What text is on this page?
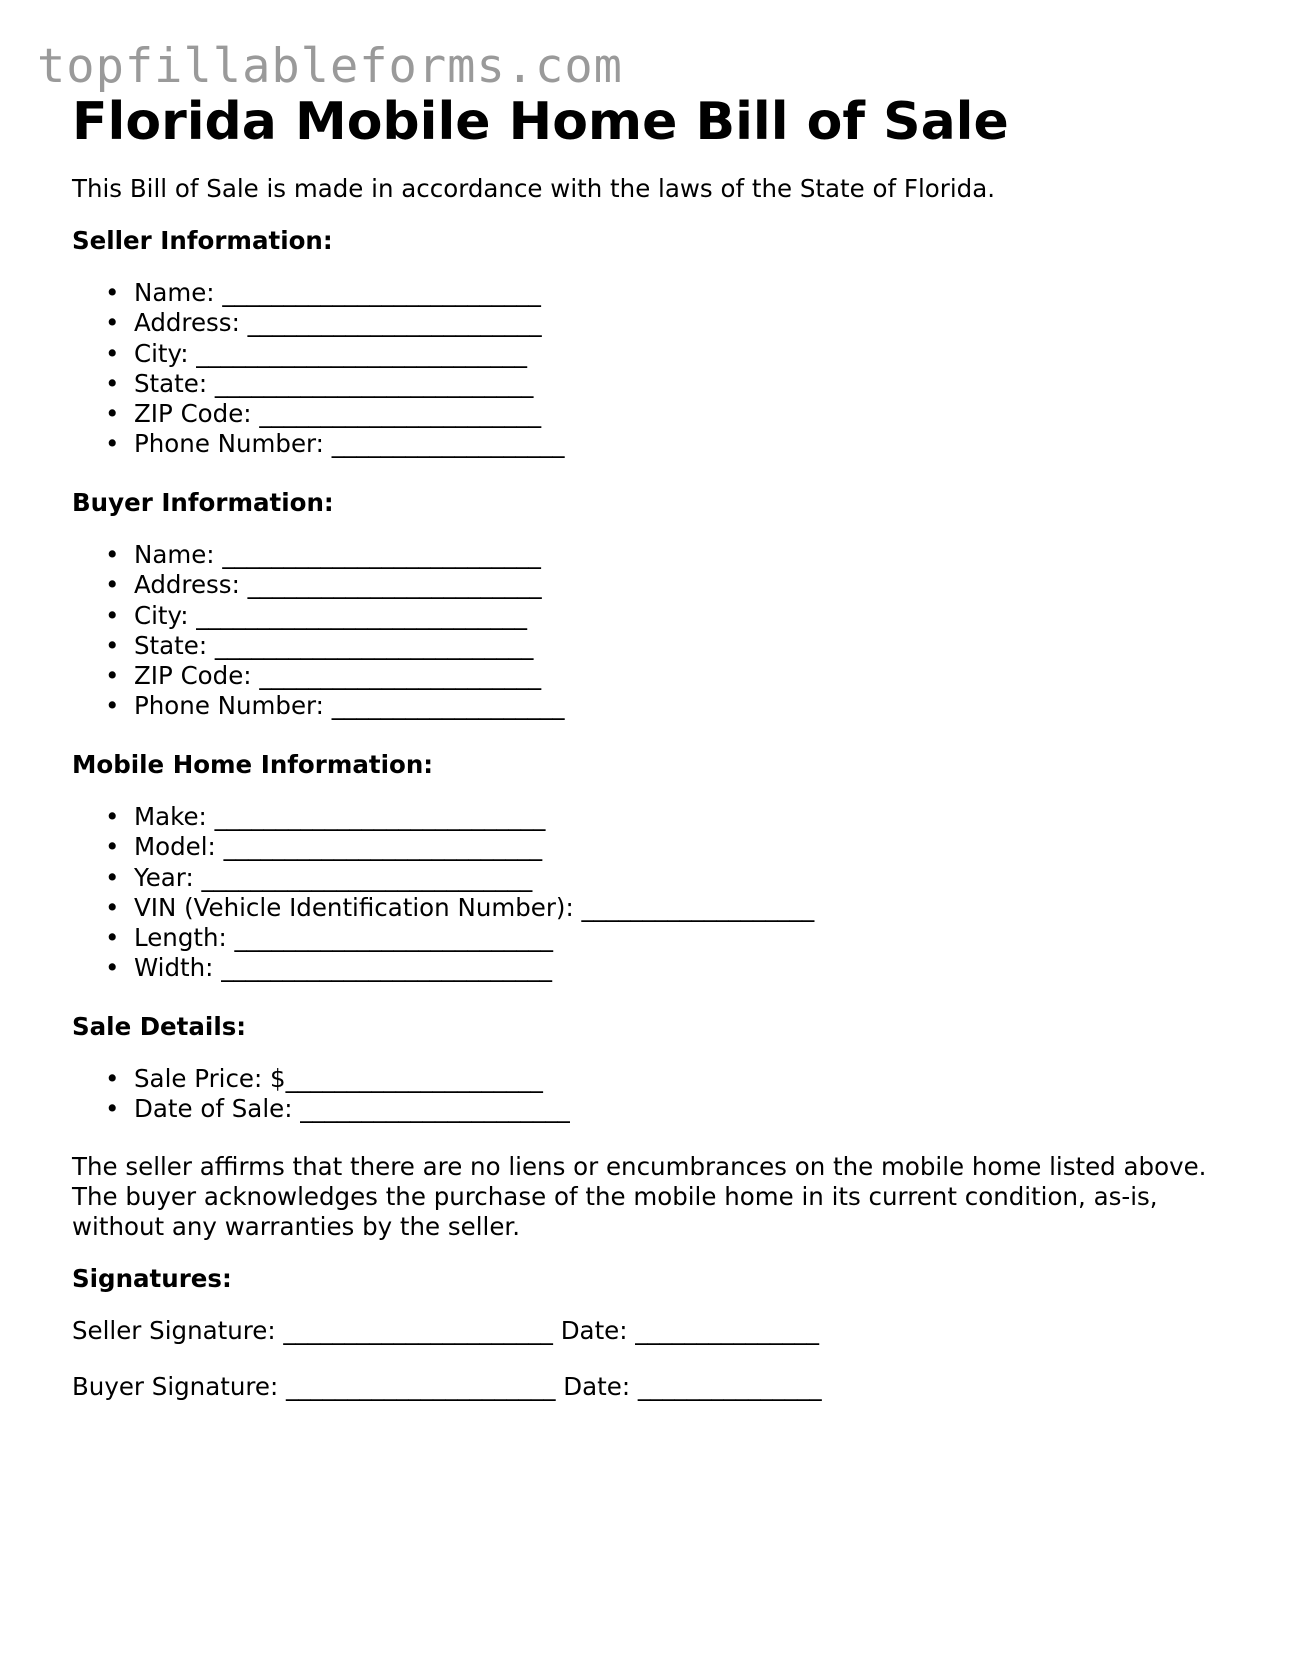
topfillableforms.com
Florida Mobile Home Bill of Sale

This Bill of Sale is made in accordance with the laws of the State of Florida.

Seller Information:
• Name: __________________________
• Address: ________________________
• City: ___________________________
• State: __________________________
• ZIP Code: _______________________
• Phone Number: ___________________
Buyer Information:
• Name: __________________________
• Address: ________________________
• City: ___________________________
• State: __________________________
• ZIP Code: _______________________
• Phone Number: ___________________
Mobile Home Information:
• Make: ___________________________
• Model: __________________________
• Year: ___________________________
• VIN (Vehicle Identification Number): ___________________
• Length: __________________________
• Width: ___________________________
Sale Details:
• Sale Price: $_____________________
• Date of Sale: ______________________

The seller affirms that there are no liens or encumbrances on the mobile home listed above. The buyer acknowledges the purchase of the mobile home in its current condition, as-is, without any warranties by the seller.

Signatures:

Seller Signature: ______________________ Date: _______________

Buyer Signature: ______________________ Date: _______________
